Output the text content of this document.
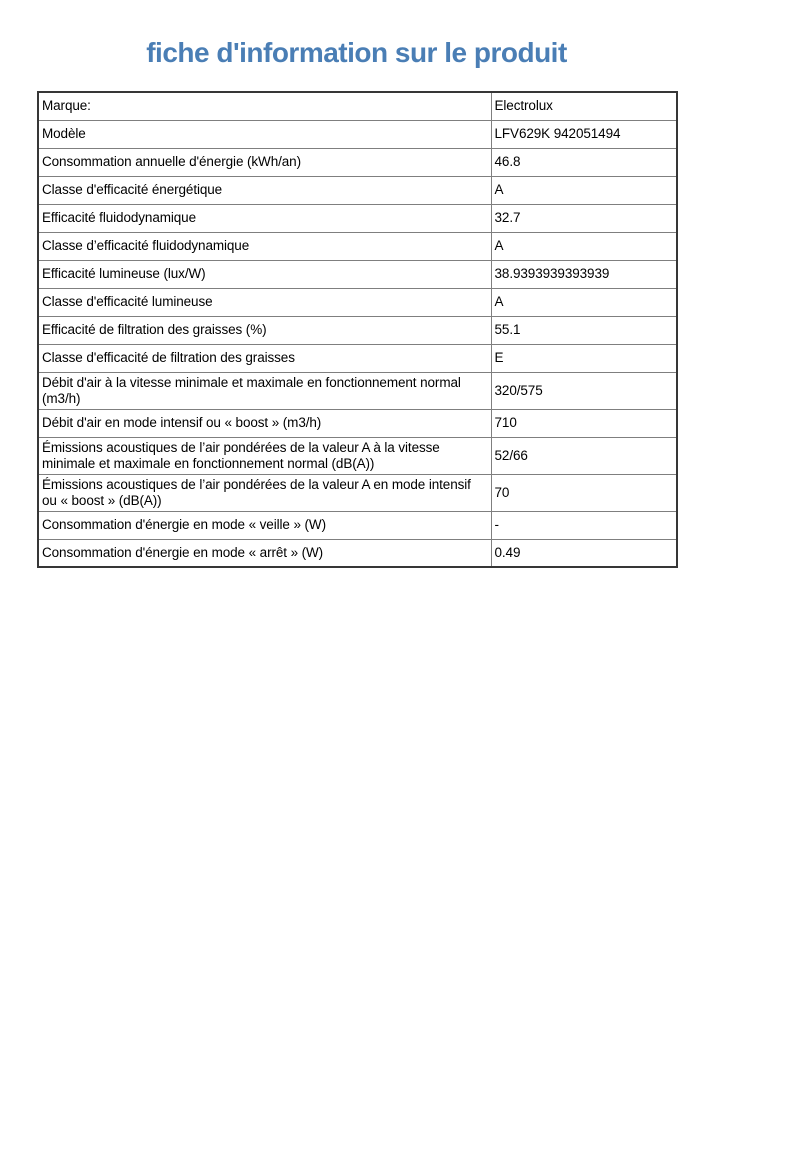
fiche d'information sur le produit
Marque:	Electrolux
Modèle	LFV629K 942051494
Consommation annuelle d'énergie (kWh/an)	46.8
Classe d'efficacité énergétique	A
Efficacité fluidodynamique	32.7
Classe d’efficacité fluidodynamique	A
Efficacité lumineuse (lux/W)	38.9393939393939
Classe d'efficacité lumineuse	A
Efficacité de filtration des graisses (%)	55.1
Classe d'efficacité de filtration des graisses	E
Débit d'air à la vitesse minimale et maximale en fonctionnement normal (m3/h)	320/575
Débit d'air en mode intensif ou « boost » (m3/h)	710
Émissions acoustiques de l’air pondérées de la valeur A à la vitesse minimale et maximale en fonctionnement normal (dB(A))	52/66
Émissions acoustiques de l’air pondérées de la valeur A en mode intensif ou « boost » (dB(A))	70
Consommation d'énergie en mode « veille » (W)	-
Consommation d'énergie en mode « arrêt » (W)	0.49
